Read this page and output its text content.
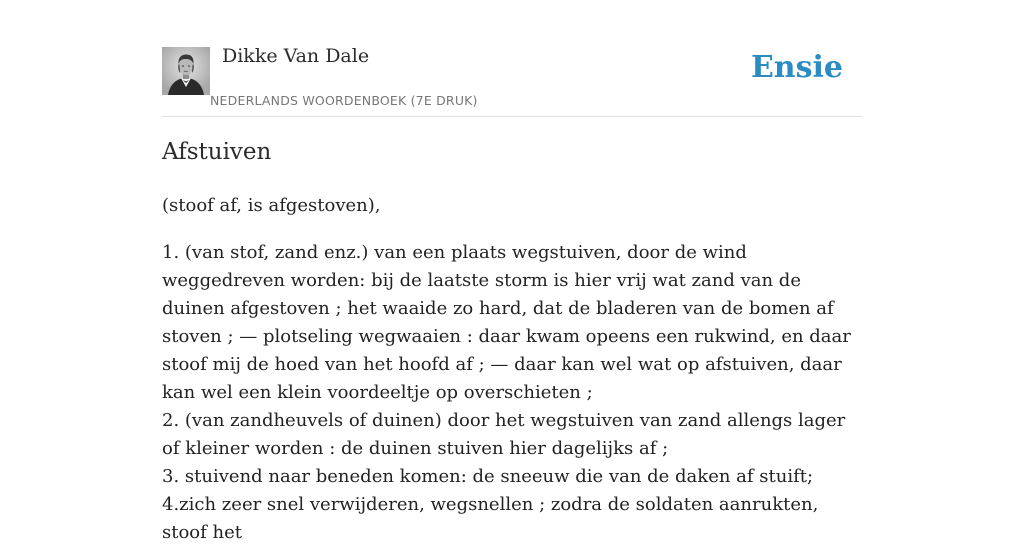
Dikke Van Dale
NEDERLANDS WOORDENBOEK (7E DRUK)
Ensie
Afstuiven

(stoof af, is afgestoven),

1. (van stof, zand enz.) van een plaats wegstuiven, door de wind weggedreven worden: bij de laatste storm is hier vrij wat zand van de duinen afgestoven ; het waaide zo hard, dat de bladeren van de bomen af stoven ; — plotseling wegwaaien : daar kwam opeens een rukwind, en daar stoof mij de hoed van het hoofd af ; — daar kan wel wat op afstuiven, daar kan wel een klein voordeeltje op overschieten ;

2. (van zandheuvels of duinen) door het wegstuiven van zand allengs lager of kleiner worden : de duinen stuiven hier dagelijks af ;

3. stuivend naar beneden komen: de sneeuw die van de daken af stuift;

4.zich zeer snel verwijderen, wegsnellen ; zodra de soldaten aanrukten, stoof het
